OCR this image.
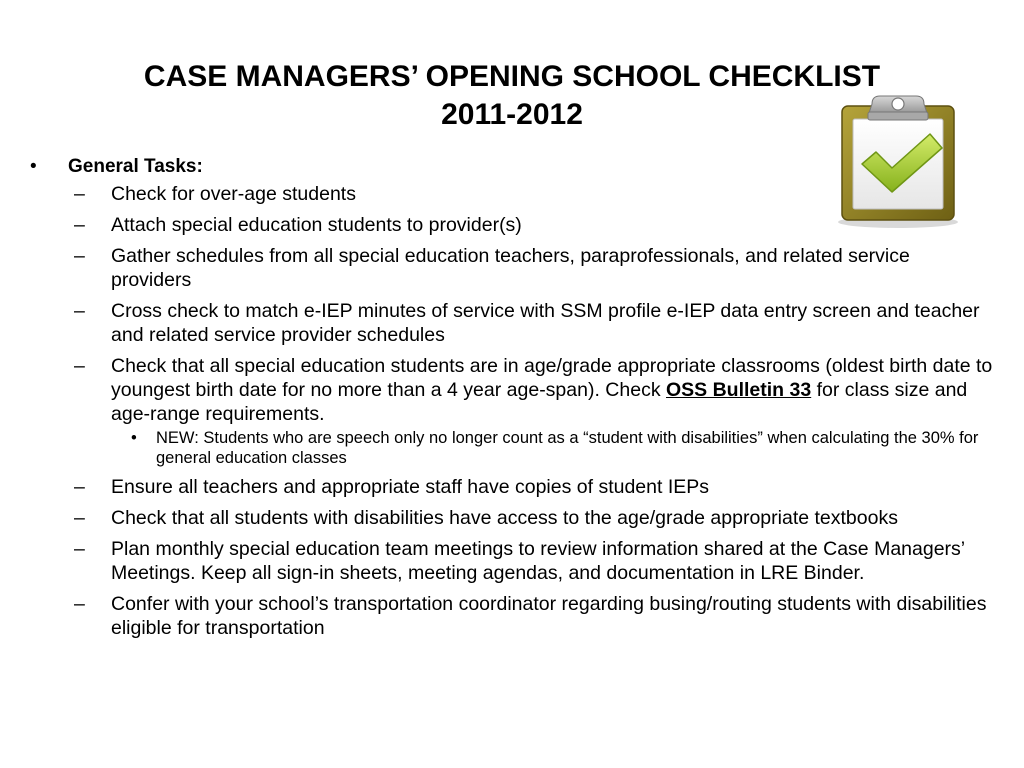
CASE MANAGERS’ OPENING SCHOOL CHECKLIST
2011-2012
• General Tasks:
– Check for over-age students
– Attach special education students to provider(s)
– Gather schedules from all special education teachers, paraprofessionals, and related service providers
– Cross check to match e-IEP minutes of service with SSM profile e-IEP data entry screen and teacher and related service provider schedules
– Check that all special education students are in age/grade appropriate classrooms (oldest birth date to youngest birth date for no more than a 4 year age-span). Check OSS Bulletin 33 for class size and age-range requirements.
• NEW: Students who are speech only no longer count as a “student with disabilities” when calculating the 30% for general education classes
– Ensure all teachers and appropriate staff have copies of student IEPs
– Check that all students with disabilities have access to the age/grade appropriate textbooks
– Plan monthly special education team meetings to review information shared at the Case Managers’ Meetings. Keep all sign-in sheets, meeting agendas, and documentation in LRE Binder.
– Confer with your school’s transportation coordinator regarding busing/routing students with disabilities eligible for transportation
